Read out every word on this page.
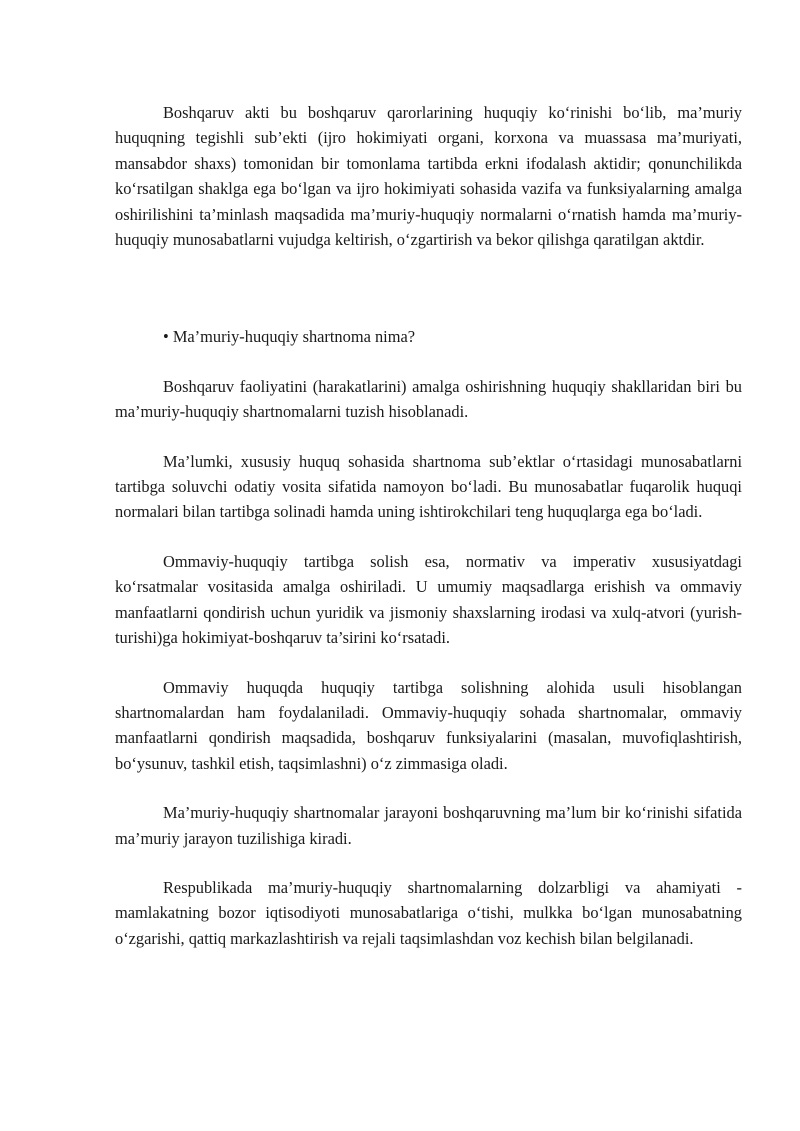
Boshqaruv akti bu boshqaruv qarorlarining huquqiy ko‘rinishi bo‘lib, ma’muriy huquqning tegishli sub’ekti (ijro hokimiyati organi, korxona va muassasa ma’muriyati, mansabdor shaxs) tomonidan bir tomonlama tartibda erkni ifodalash aktidir; qonunchilikda ko‘rsatilgan shaklga ega bo‘lgan va ijro hokimiyati sohasida vazifa va funksiyalarning amalga oshirilishini ta’minlash maqsadida ma’muriy-huquqiy normalarni o‘rnatish hamda ma’muriy-huquqiy munosabatlarni vujudga keltirish, o‘zgartirish va bekor qilishga qaratilgan aktdir.

• Ma’muriy-huquqiy shartnoma nima?

Boshqaruv faoliyatini (harakatlarini) amalga oshirishning huquqiy shakllaridan biri bu ma’muriy-huquqiy shartnomalarni tuzish hisoblanadi.

Ma’lumki, xususiy huquq sohasida shartnoma sub’ektlar o‘rtasidagi munosabatlarni tartibga soluvchi odatiy vosita sifatida namoyon bo‘ladi. Bu munosabatlar fuqarolik huquqi normalari bilan tartibga solinadi hamda uning ishtirokchilari teng huquqlarga ega bo‘ladi.

Ommaviy-huquqiy tartibga solish esa, normativ va imperativ xususiyatdagi ko‘rsatmalar vositasida amalga oshiriladi. U umumiy maqsadlarga erishish va ommaviy manfaatlarni qondirish uchun yuridik va jismoniy shaxslarning irodasi va xulq-atvori (yurish-turishi)ga hokimiyat-boshqaruv ta’sirini ko‘rsatadi.

Ommaviy huquqda huquqiy tartibga solishning alohida usuli hisoblangan shartnomalardan ham foydalaniladi. Ommaviy-huquqiy sohada shartnomalar, ommaviy manfaatlarni qondirish maqsadida, boshqaruv funksiyalarini (masalan, muvofiqlashtirish, bo‘ysunuv, tashkil etish, taqsimlashni) o‘z zimmasiga oladi.

Ma’muriy-huquqiy shartnomalar jarayoni boshqaruvning ma’lum bir ko‘rinishi sifatida ma’muriy jarayon tuzilishiga kiradi.

Respublikada ma’muriy-huquqiy shartnomalarning dolzarbligi va ahamiyati - mamlakatning bozor iqtisodiyoti munosabatlariga o‘tishi, mulkka bo‘lgan munosabatning o‘zgarishi, qattiq markazlashtirish va rejali taqsimlashdan voz kechish bilan belgilanadi.
